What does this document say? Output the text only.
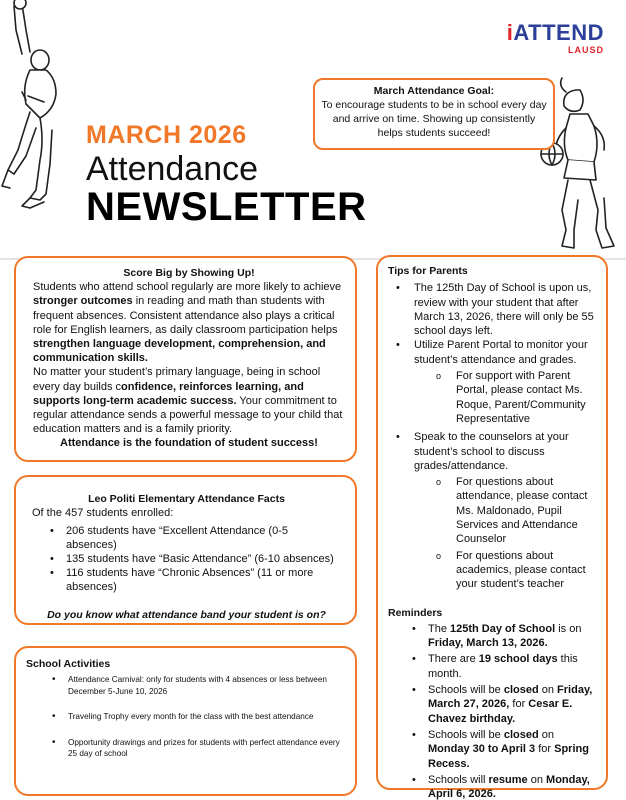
iATTEND
LAUSD
March Attendance Goal:
To encourage students to be in school every day and arrive on time. Showing up consistently helps students succeed!
MARCH 2026
Attendance
NEWSLETTER
Score Big by Showing Up!

Students who attend school regularly are more likely to achieve stronger outcomes in reading and math than students with frequent absences. Consistent attendance also plays a critical role for English learners, as daily classroom participation helps strengthen language development, comprehension, and communication skills.

No matter your student’s primary language, being in school every day builds confidence, reinforces learning, and supports long-term academic success. Your commitment to regular attendance sends a powerful message to your child that education matters and is a family priority.

Attendance is the foundation of student success!

Leo Politi Elementary Attendance Facts
Of the 457 students enrolled:
• 206 students have “Excellent Attendance (0-5 absences)
• 135 students have “Basic Attendance” (6-10 absences)
• 116 students have “Chronic Absences” (11 or more absences)
Do you know what attendance band your student is on?
School Activities
• Attendance Carnival: only for students with 4 absences or less between December 5-June 10, 2026
• Traveling Trophy every month for the class with the best attendance
• Opportunity drawings and prizes for students with perfect attendance every 25 day of school
Tips for Parents
• The 125th Day of School is upon us, review with your student that after March 13, 2026, there will only be 55 school days left.
• Utilize Parent Portal to monitor your student’s attendance and grades.
o For support with Parent Portal, please contact Ms. Roque, Parent/Community Representative
• Speak to the counselors at your student’s school to discuss grades/attendance.
o For questions about attendance, please contact Ms. Maldonado, Pupil Services and Attendance Counselor
o For questions about academics, please contact your student’s teacher
Reminders
• The 125th Day of School is on Friday, March 13, 2026.
• There are 19 school days this month.
• Schools will be closed on Friday, March 27, 2026, for Cesar E. Chavez birthday.
• Schools will be closed on Monday 30 to April 3 for Spring Recess.
• Schools will resume on Monday, April 6, 2026.
